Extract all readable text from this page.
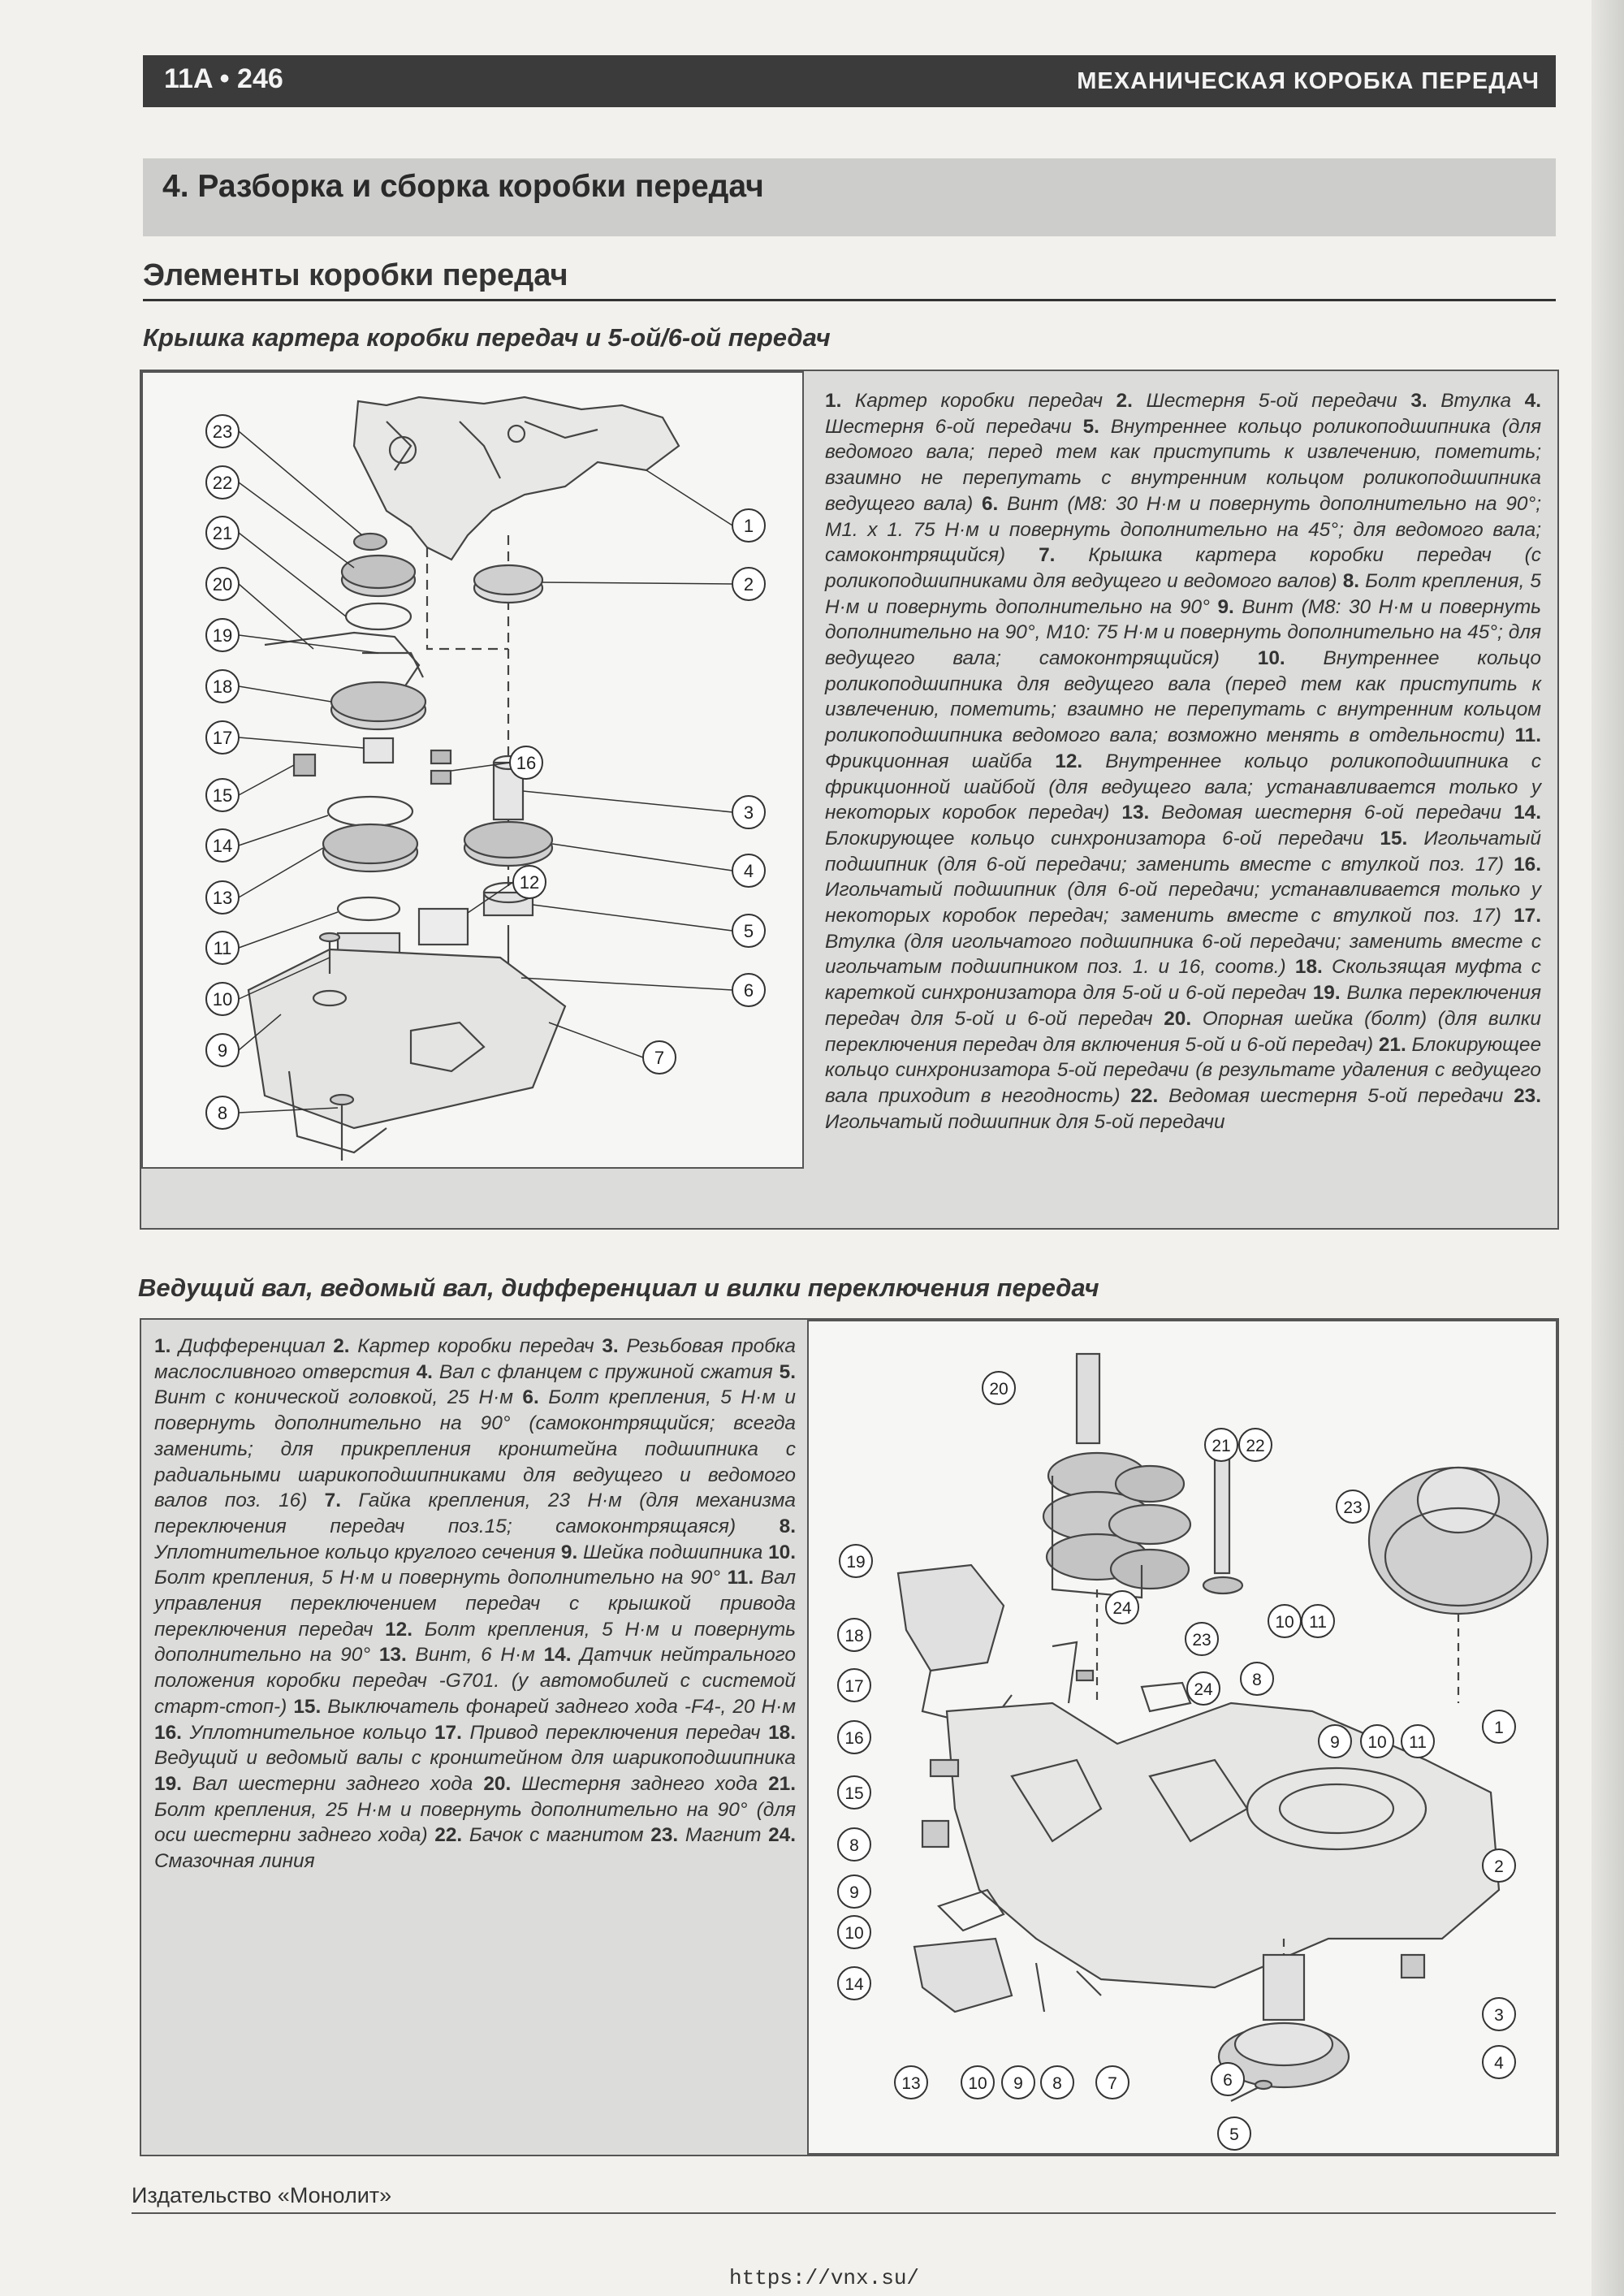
11A • 246	МЕХАНИЧЕСКАЯ КОРОБКА ПЕРЕДАЧ
4. Разборка и сборка коробки передач
Элементы коробки передач
Крышка картера коробки передач и 5-ой/6-ой передач
23
22
21
20
19
18
17
15
14
13
11
10
9
8
16
12
1
2
3
4
5
6
7
1. Картер коробки передач 2. Шестерня 5-ой передачи 3. Втулка 4. Шестерня 6-ой передачи 5. Внутреннее кольцо роликоподшипника (для ведомого вала; перед тем как приступить к извлечению, пометить; взаимно не перепутать с внутренним кольцом роликоподшипника ведущего вала) 6. Винт (M8: 30 Н·м и повернуть дополнительно на 90°; M1. x 1. 75 Н·м и повернуть дополнительно на 45°; для ведомого вала; самоконтрящийся) 7. Крышка картера коробки передач (с роликоподшипниками для ведущего и ведомого валов) 8. Болт крепления, 5 Н·м и повернуть дополнительно на 90° 9. Винт (M8: 30 Н·м и повернуть дополнительно на 90°, M10: 75 Н·м и повернуть дополнительно на 45°; для ведущего вала; самоконтрящийся) 10. Внутреннее кольцо роликоподшипника для ведущего вала (перед тем как приступить к извлечению, пометить; взаимно не перепутать с внутренним кольцом роликоподшипника ведомого вала; возможно менять в отдельности) 11. Фрикционная шайба 12. Внутреннее кольцо роликоподшипника с фрикционной шайбой (для ведущего вала; устанавливается только у некоторых коробок передач) 13. Ведомая шестерня 6-ой передачи 14. Блокирующее кольцо синхронизатора 6-ой передачи 15. Игольчатый подшипник (для 6-ой передачи; заменить вместе с втулкой поз. 17) 16. Игольчатый подшипник (для 6-ой передачи; устанавливается только у некоторых коробок передач; заменить вместе с втулкой поз. 17) 17. Втулка (для игольчатого подшипника 6-ой передачи; заменить вместе с игольчатым подшипником поз. 1. и 16, соотв.) 18. Скользящая муфта с кареткой синхронизатора для 5-ой и 6-ой передач 19. Вилка переключения передач для 5-ой и 6-ой передач 20. Опорная шейка (болт) (для вилки переключения передач для включения 5-ой и 6-ой передач) 21. Блокирующее кольцо синхронизатора 5-ой передачи (в результате удаления с ведущего вала приходит в негодность) 22. Ведомая шестерня 5-ой передачи 23. Игольчатый подшипник для 5-ой передачи
Ведущий вал, ведомый вал, дифференциал и вилки переключения передач
1. Дифференциал 2. Картер коробки передач 3. Резьбовая пробка маслосливного отверстия 4. Вал с фланцем с пружиной сжатия 5. Винт с конической головкой, 25 Н·м 6. Болт крепления, 5 Н·м и повернуть дополнительно на 90° (самоконтрящийся; всегда заменить; для прикрепления кронштейна подшипника с радиальными шарикоподшипниками для ведущего и ведомого валов поз. 16) 7. Гайка крепления, 23 Н·м (для механизма переключения передач поз.15; самоконтрящаяся) 8. Уплотнительное кольцо круглого сечения 9. Шейка подшипника 10. Болт крепления, 5 Н·м и повернуть дополнительно на 90° 11. Вал управления переключением передач с крышкой привода переключения передач 12. Болт крепления, 5 Н·м и повернуть дополнительно на 90° 13. Винт, 6 Н·м 14. Датчик нейтрального положения коробки передач -G701. (у автомобилей с системой старт-стоп-) 15. Выключатель фонарей заднего хода -F4-, 20 Н·м 16. Уплотнительное кольцо 17. Привод переключения передач 18. Ведущий и ведомый валы с кронштейном для шарикоподшипника 19. Вал шестерни заднего хода 20. Шестерня заднего хода 21. Болт крепления, 25 Н·м и повернуть дополнительно на 90° (для оси шестерни заднего хода) 22. Бачок с магнитом 23. Магнит 24. Смазочная линия
20
21 22
23
19
24
18
17
16
15
8
9
10
14
13	10 9 8	7	6
5
4
3
2
1
9 10 11
23
24
10 11
8
Издательство «Монолит»
https://vnx.su/
